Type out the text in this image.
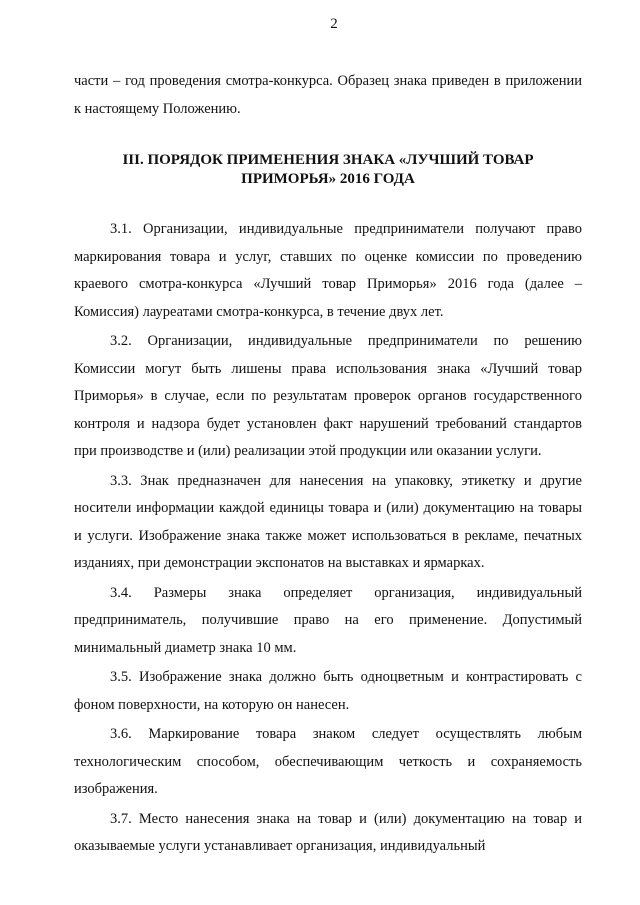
2

части – год проведения смотра-конкурса. Образец знака приведен в приложении к настоящему Положению.

III. ПОРЯДОК ПРИМЕНЕНИЯ ЗНАКА «ЛУЧШИЙ ТОВАР ПРИМОРЬЯ» 2016 ГОДА

3.1. Организации, индивидуальные предприниматели получают право маркирования товара и услуг, ставших по оценке комиссии по проведению краевого смотра-конкурса «Лучший товар Приморья» 2016 года (далее – Комиссия) лауреатами смотра-конкурса, в течение двух лет.

3.2. Организации, индивидуальные предприниматели по решению Комиссии могут быть лишены права использования знака «Лучший товар Приморья» в случае, если по результатам проверок органов государственного контроля и надзора будет установлен факт нарушений требований стандартов при производстве и (или) реализации этой продукции или оказании услуги.

3.3. Знак предназначен для нанесения на упаковку, этикетку и другие носители информации каждой единицы товара и (или) документацию на товары и услуги. Изображение знака также может использоваться в рекламе, печатных изданиях, при демонстрации экспонатов на выставках и ярмарках.

3.4. Размеры знака определяет организация, индивидуальный предприниматель, получившие право на его применение. Допустимый минимальный диаметр знака 10 мм.

3.5. Изображение знака должно быть одноцветным и контрастировать с фоном поверхности, на которую он нанесен.

3.6. Маркирование товара знаком следует осуществлять любым технологическим способом, обеспечивающим четкость и сохраняемость изображения.

3.7. Место нанесения знака на товар и (или) документацию на товар и оказываемые услуги устанавливает организация, индивидуальный
